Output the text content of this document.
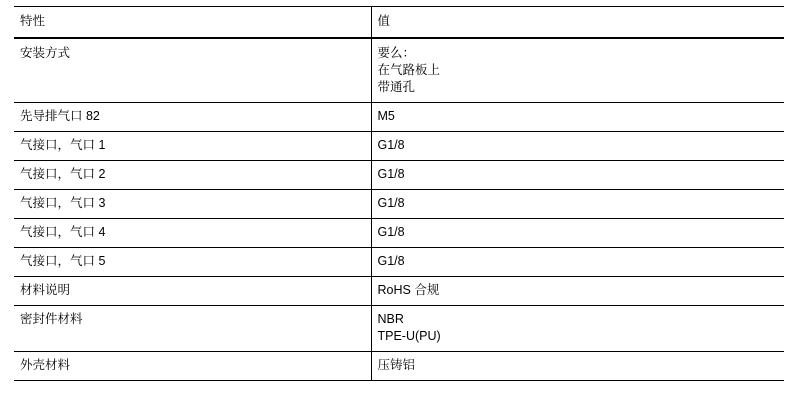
特性	值

安装方式	要么：
在气路板上
带通孔

先导排气口 82	M5

气接口，气口 1	G1/8

气接口，气口 2	G1/8

气接口，气口 3	G1/8

气接口，气口 4	G1/8

气接口，气口 5	G1/8

材料说明	RoHS 合规

密封件材料	NBR
TPE-U(PU)

外壳材料	压铸铝
